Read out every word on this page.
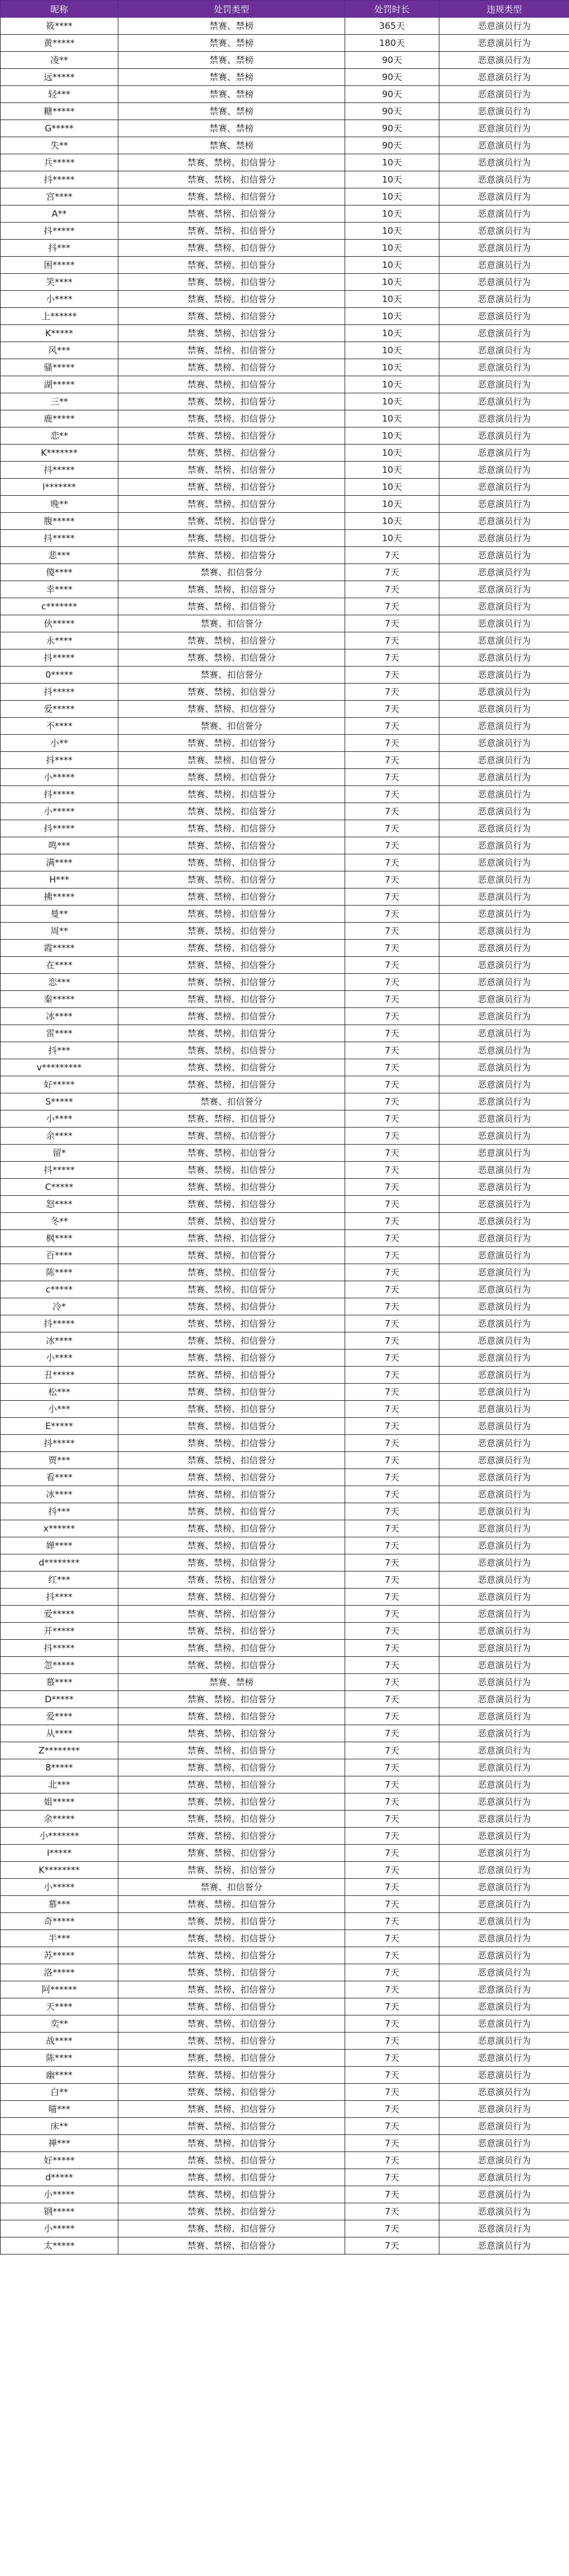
昵称	处罚类型	处罚时长	违规类型
筱****	禁赛、禁榜	365天	恶意演员行为
黄*****	禁赛、禁榜	180天	恶意演员行为
凌**	禁赛、禁榜	90天	恶意演员行为
远*****	禁赛、禁榜	90天	恶意演员行为
轻***	禁赛、禁榜	90天	恶意演员行为
糖*****	禁赛、禁榜	90天	恶意演员行为
G*****	禁赛、禁榜	90天	恶意演员行为
失**	禁赛、禁榜	90天	恶意演员行为
兵*****	禁赛、禁榜、扣信誉分	10天	恶意演员行为
抖*****	禁赛、禁榜、扣信誉分	10天	恶意演员行为
宫****	禁赛、禁榜、扣信誉分	10天	恶意演员行为
A**	禁赛、禁榜、扣信誉分	10天	恶意演员行为
抖*****	禁赛、禁榜、扣信誉分	10天	恶意演员行为
抖***	禁赛、禁榜、扣信誉分	10天	恶意演员行为
困*****	禁赛、禁榜、扣信誉分	10天	恶意演员行为
笑****	禁赛、禁榜、扣信誉分	10天	恶意演员行为
小****	禁赛、禁榜、扣信誉分	10天	恶意演员行为
上******	禁赛、禁榜、扣信誉分	10天	恶意演员行为
K*****	禁赛、禁榜、扣信誉分	10天	恶意演员行为
风***	禁赛、禁榜、扣信誉分	10天	恶意演员行为
骚*****	禁赛、禁榜、扣信誉分	10天	恶意演员行为
湖*****	禁赛、禁榜、扣信誉分	10天	恶意演员行为
三**	禁赛、禁榜、扣信誉分	10天	恶意演员行为
鹿*****	禁赛、禁榜、扣信誉分	10天	恶意演员行为
恋**	禁赛、禁榜、扣信誉分	10天	恶意演员行为
K*******	禁赛、禁榜、扣信誉分	10天	恶意演员行为
抖*****	禁赛、禁榜、扣信誉分	10天	恶意演员行为
l*******	禁赛、禁榜、扣信誉分	10天	恶意演员行为
晚**	禁赛、禁榜、扣信誉分	10天	恶意演员行为
腹*****	禁赛、禁榜、扣信誉分	10天	恶意演员行为
抖*****	禁赛、禁榜、扣信誉分	10天	恶意演员行为
悲***	禁赛、禁榜、扣信誉分	7天	恶意演员行为
傻****	禁赛、扣信誉分	7天	恶意演员行为
幸****	禁赛、禁榜、扣信誉分	7天	恶意演员行为
c*******	禁赛、禁榜、扣信誉分	7天	恶意演员行为
伙*****	禁赛、扣信誉分	7天	恶意演员行为
永****	禁赛、禁榜、扣信誉分	7天	恶意演员行为
抖*****	禁赛、禁榜、扣信誉分	7天	恶意演员行为
0*****	禁赛、扣信誉分	7天	恶意演员行为
抖*****	禁赛、禁榜、扣信誉分	7天	恶意演员行为
爱*****	禁赛、禁榜、扣信誉分	7天	恶意演员行为
不****	禁赛、扣信誉分	7天	恶意演员行为
小**	禁赛、禁榜、扣信誉分	7天	恶意演员行为
抖****	禁赛、禁榜、扣信誉分	7天	恶意演员行为
小*****	禁赛、禁榜、扣信誉分	7天	恶意演员行为
抖*****	禁赛、禁榜、扣信誉分	7天	恶意演员行为
小*****	禁赛、禁榜、扣信誉分	7天	恶意演员行为
抖*****	禁赛、禁榜、扣信誉分	7天	恶意演员行为
鸣***	禁赛、禁榜、扣信誉分	7天	恶意演员行为
满****	禁赛、禁榜、扣信誉分	7天	恶意演员行为
H***	禁赛、禁榜、扣信誉分	7天	恶意演员行为
拂*****	禁赛、禁榜、扣信誉分	7天	恶意演员行为
曼**	禁赛、禁榜、扣信誉分	7天	恶意演员行为
周**	禁赛、禁榜、扣信誉分	7天	恶意演员行为
霞*****	禁赛、禁榜、扣信誉分	7天	恶意演员行为
在****	禁赛、禁榜、扣信誉分	7天	恶意演员行为
恋***	禁赛、禁榜、扣信誉分	7天	恶意演员行为
秦*****	禁赛、禁榜、扣信誉分	7天	恶意演员行为
冰****	禁赛、禁榜、扣信誉分	7天	恶意演员行为
雷****	禁赛、禁榜、扣信誉分	7天	恶意演员行为
抖***	禁赛、禁榜、扣信誉分	7天	恶意演员行为
v*********	禁赛、禁榜、扣信誉分	7天	恶意演员行为
好*****	禁赛、禁榜、扣信誉分	7天	恶意演员行为
S*****	禁赛、扣信誉分	7天	恶意演员行为
小****	禁赛、禁榜、扣信誉分	7天	恶意演员行为
余****	禁赛、禁榜、扣信誉分	7天	恶意演员行为
留*	禁赛、禁榜、扣信誉分	7天	恶意演员行为
抖*****	禁赛、禁榜、扣信誉分	7天	恶意演员行为
C*****	禁赛、禁榜、扣信誉分	7天	恶意演员行为
怒****	禁赛、禁榜、扣信誉分	7天	恶意演员行为
冬**	禁赛、禁榜、扣信誉分	7天	恶意演员行为
枫****	禁赛、禁榜、扣信誉分	7天	恶意演员行为
百****	禁赛、禁榜、扣信誉分	7天	恶意演员行为
陈****	禁赛、禁榜、扣信誉分	7天	恶意演员行为
c*****	禁赛、禁榜、扣信誉分	7天	恶意演员行为
冷*	禁赛、禁榜、扣信誉分	7天	恶意演员行为
抖*****	禁赛、禁榜、扣信誉分	7天	恶意演员行为
冰****	禁赛、禁榜、扣信誉分	7天	恶意演员行为
小****	禁赛、禁榜、扣信誉分	7天	恶意演员行为
丑*****	禁赛、禁榜、扣信誉分	7天	恶意演员行为
松***	禁赛、禁榜、扣信誉分	7天	恶意演员行为
小***	禁赛、禁榜、扣信誉分	7天	恶意演员行为
E*****	禁赛、禁榜、扣信誉分	7天	恶意演员行为
抖*****	禁赛、禁榜、扣信誉分	7天	恶意演员行为
贾***	禁赛、禁榜、扣信誉分	7天	恶意演员行为
看****	禁赛、禁榜、扣信誉分	7天	恶意演员行为
冰****	禁赛、禁榜、扣信誉分	7天	恶意演员行为
抖***	禁赛、禁榜、扣信誉分	7天	恶意演员行为
x******	禁赛、禁榜、扣信誉分	7天	恶意演员行为
婵****	禁赛、禁榜、扣信誉分	7天	恶意演员行为
d********	禁赛、禁榜、扣信誉分	7天	恶意演员行为
红***	禁赛、禁榜、扣信誉分	7天	恶意演员行为
抖****	禁赛、禁榜、扣信誉分	7天	恶意演员行为
爱*****	禁赛、禁榜、扣信誉分	7天	恶意演员行为
开*****	禁赛、禁榜、扣信誉分	7天	恶意演员行为
抖*****	禁赛、禁榜、扣信誉分	7天	恶意演员行为
忽*****	禁赛、禁榜、扣信誉分	7天	恶意演员行为
慕****	禁赛、禁榜	7天	恶意演员行为
D*****	禁赛、禁榜、扣信誉分	7天	恶意演员行为
爱****	禁赛、禁榜、扣信誉分	7天	恶意演员行为
从****	禁赛、禁榜、扣信誉分	7天	恶意演员行为
Z********	禁赛、禁榜、扣信誉分	7天	恶意演员行为
8*****	禁赛、禁榜、扣信誉分	7天	恶意演员行为
北***	禁赛、禁榜、扣信誉分	7天	恶意演员行为
姐*****	禁赛、禁榜、扣信誉分	7天	恶意演员行为
余*****	禁赛、禁榜、扣信誉分	7天	恶意演员行为
小*******	禁赛、禁榜、扣信誉分	7天	恶意演员行为
I*****	禁赛、禁榜、扣信誉分	7天	恶意演员行为
K********	禁赛、禁榜、扣信誉分	7天	恶意演员行为
小*****	禁赛、扣信誉分	7天	恶意演员行为
慕***	禁赛、禁榜、扣信誉分	7天	恶意演员行为
奇*****	禁赛、禁榜、扣信誉分	7天	恶意演员行为
半***	禁赛、禁榜、扣信誉分	7天	恶意演员行为
苏*****	禁赛、禁榜、扣信誉分	7天	恶意演员行为
洛*****	禁赛、禁榜、扣信誉分	7天	恶意演员行为
阿******	禁赛、禁榜、扣信誉分	7天	恶意演员行为
天****	禁赛、禁榜、扣信誉分	7天	恶意演员行为
奕**	禁赛、禁榜、扣信誉分	7天	恶意演员行为
战****	禁赛、禁榜、扣信誉分	7天	恶意演员行为
陈****	禁赛、禁榜、扣信誉分	7天	恶意演员行为
幽****	禁赛、禁榜、扣信誉分	7天	恶意演员行为
白**	禁赛、禁榜、扣信誉分	7天	恶意演员行为
喵***	禁赛、禁榜、扣信誉分	7天	恶意演员行为
床**	禁赛、禁榜、扣信誉分	7天	恶意演员行为
禅***	禁赛、禁榜、扣信誉分	7天	恶意演员行为
好*****	禁赛、禁榜、扣信誉分	7天	恶意演员行为
d*****	禁赛、禁榜、扣信誉分	7天	恶意演员行为
小*****	禁赛、禁榜、扣信誉分	7天	恶意演员行为
钢*****	禁赛、禁榜、扣信誉分	7天	恶意演员行为
小*****	禁赛、禁榜、扣信誉分	7天	恶意演员行为
太*****	禁赛、禁榜、扣信誉分	7天	恶意演员行为
